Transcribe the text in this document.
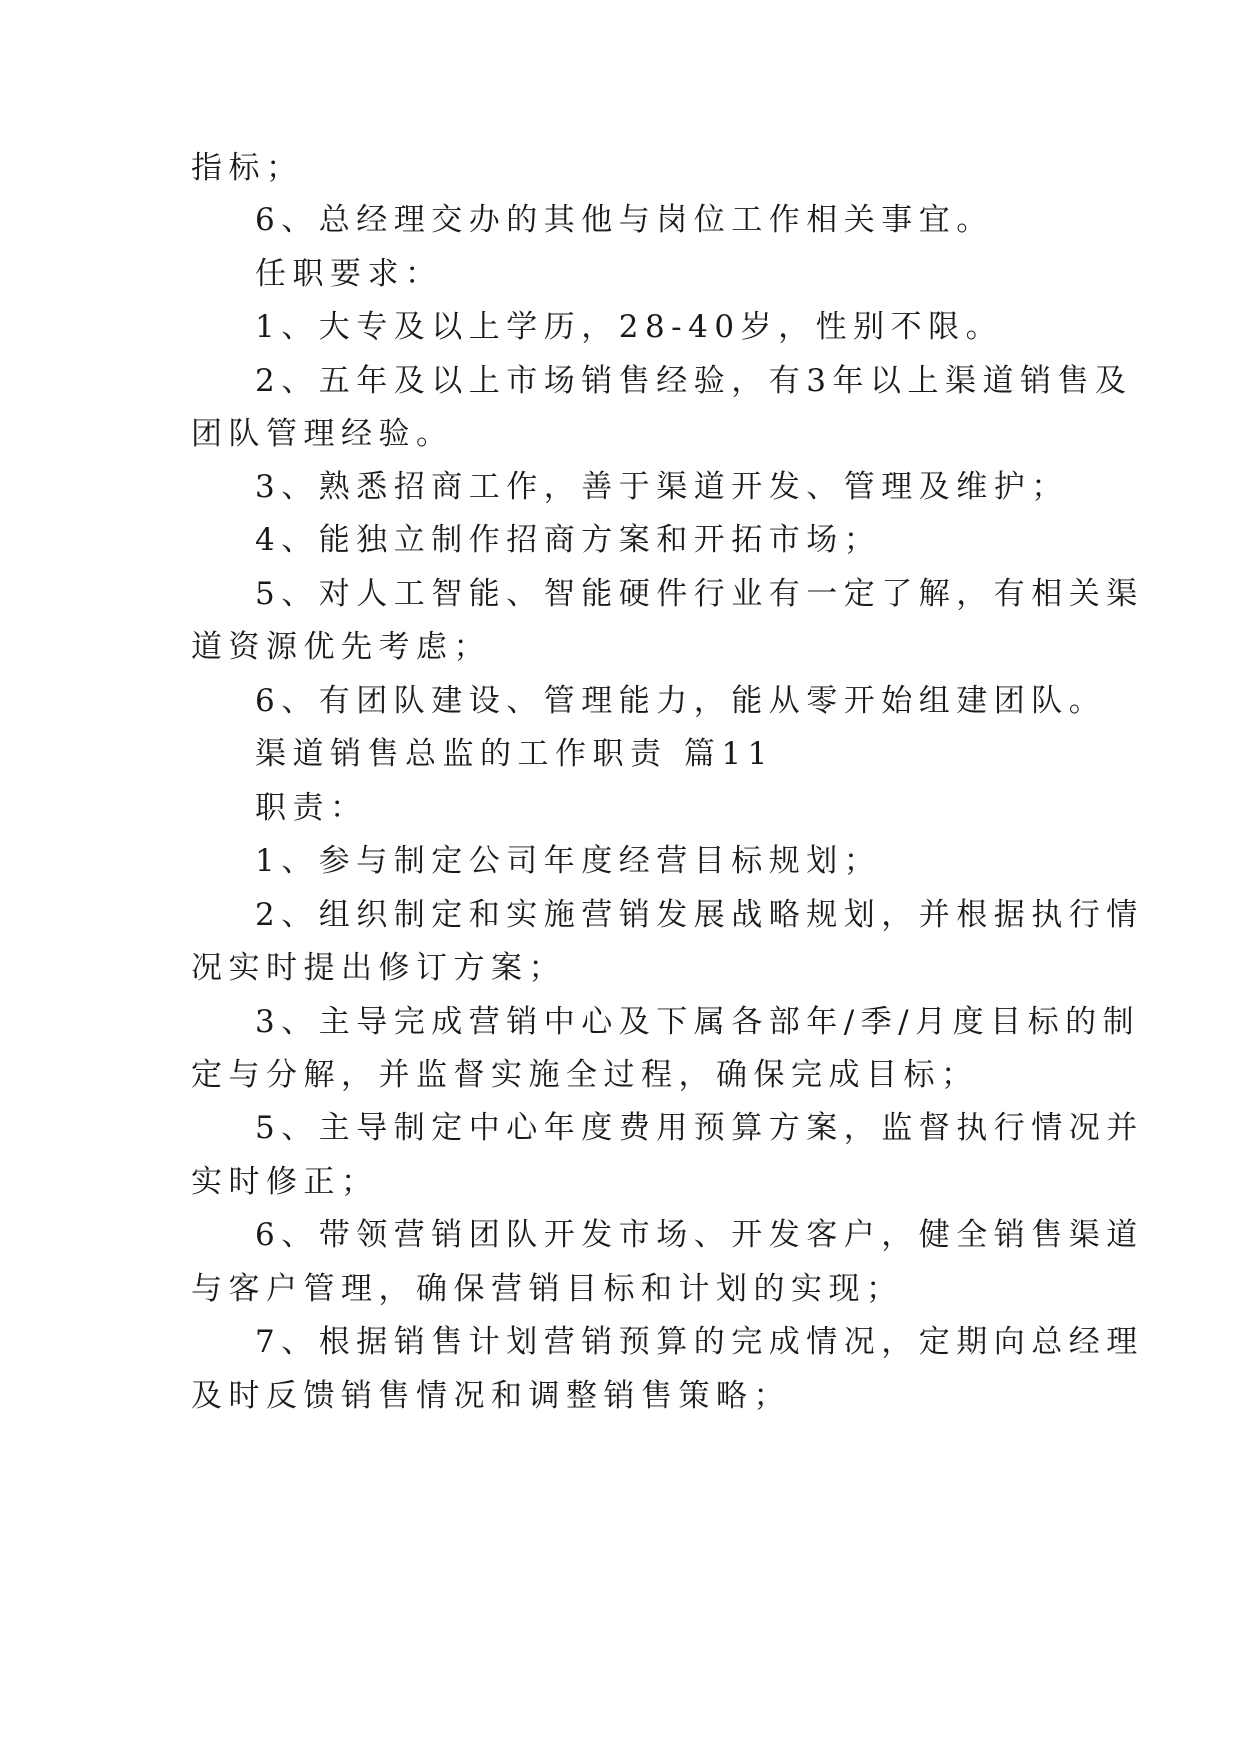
指标；

6、总经理交办的其他与岗位工作相关事宜。

任职要求：

1、大专及以上学历，28-40岁，性别不限。

2、五年及以上市场销售经验，有3年以上渠道销售及

团队管理经验。

3、熟悉招商工作，善于渠道开发、管理及维护；

4、能独立制作招商方案和开拓市场；

5、对人工智能、智能硬件行业有一定了解，有相关渠

道资源优先考虑；

6、有团队建设、管理能力，能从零开始组建团队。

渠道销售总监的工作职责 篇11

职责：

1、参与制定公司年度经营目标规划；

2、组织制定和实施营销发展战略规划，并根据执行情

况实时提出修订方案；

3、主导完成营销中心及下属各部年/季/月度目标的制

定与分解，并监督实施全过程，确保完成目标；

5、主导制定中心年度费用预算方案，监督执行情况并

实时修正；

6、带领营销团队开发市场、开发客户，健全销售渠道

与客户管理，确保营销目标和计划的实现；

7、根据销售计划营销预算的完成情况，定期向总经理

及时反馈销售情况和调整销售策略；
